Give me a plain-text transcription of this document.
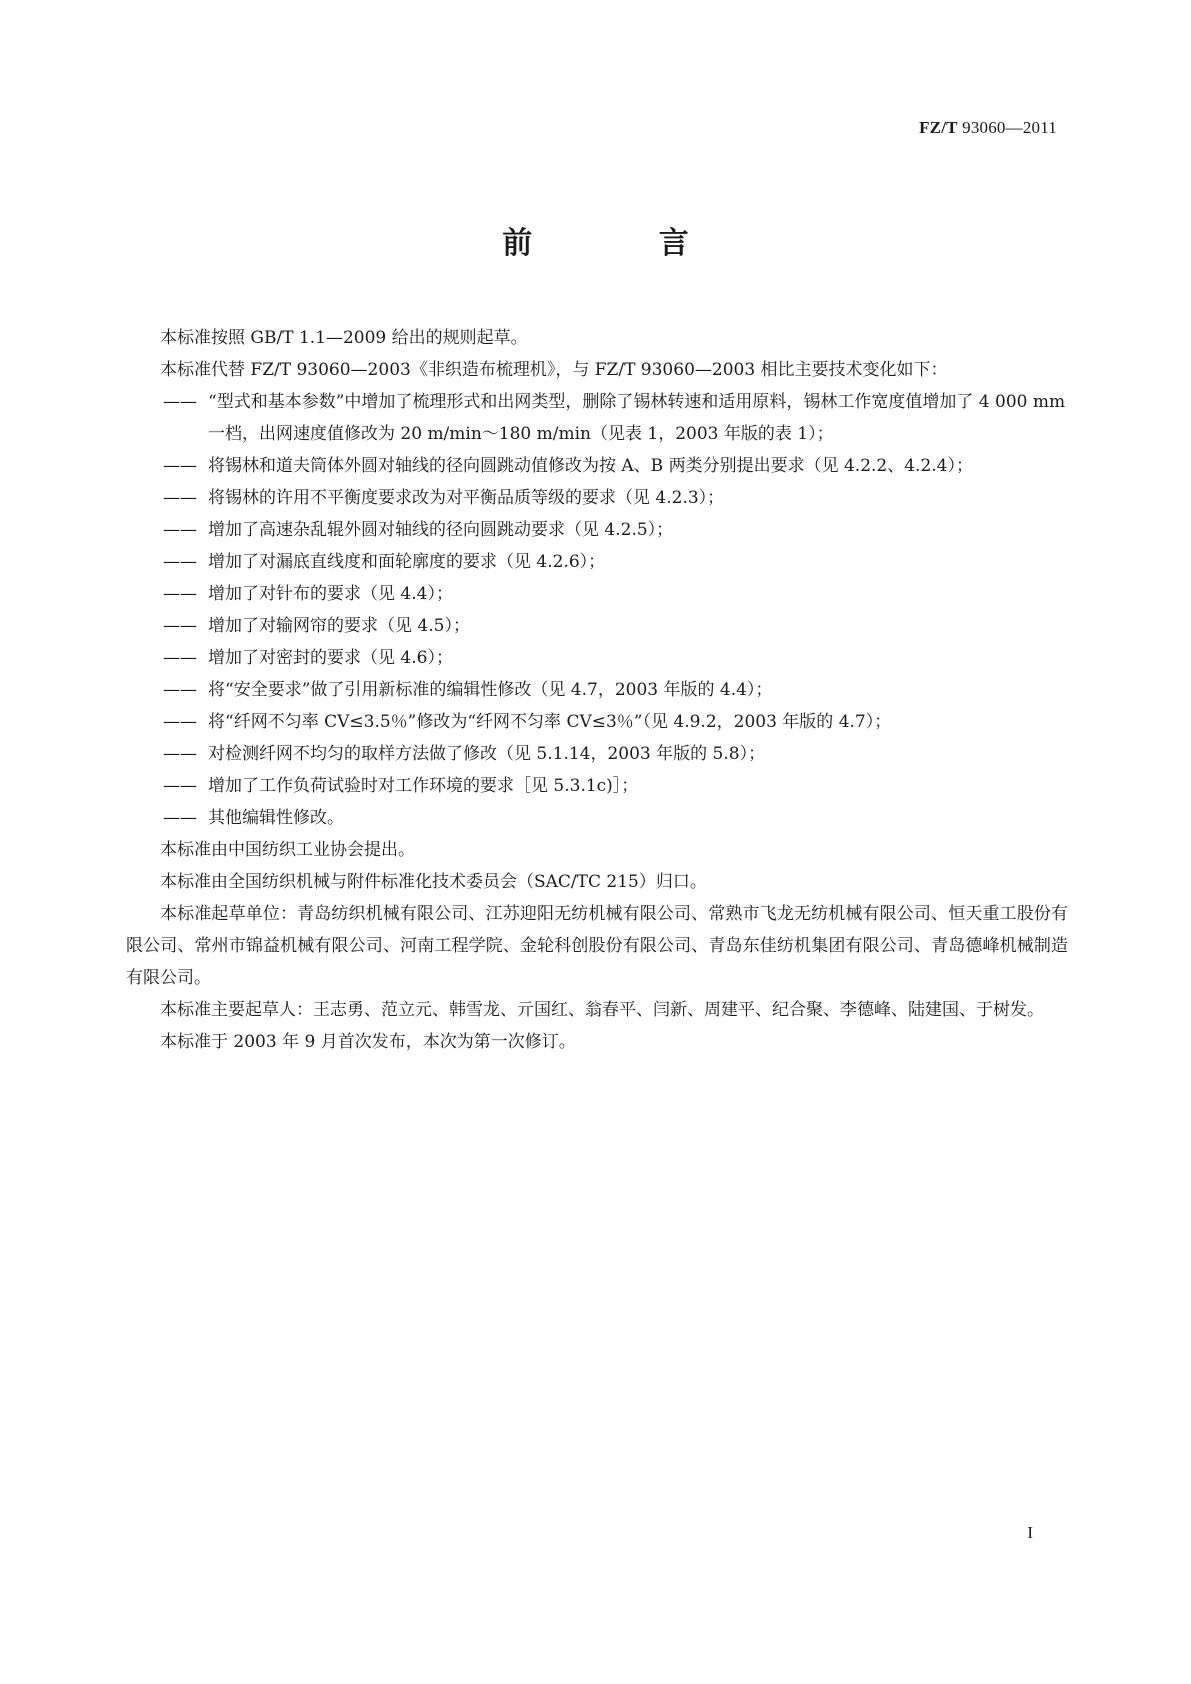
FZ/T 93060—2011
前 言

本标准按照 GB/T 1.1—2009 给出的规则起草。

本标准代替 FZ/T 93060—2003《非织造布梳理机》，与 FZ/T 93060—2003 相比主要技术变化如下：

—— “型式和基本参数”中增加了梳理形式和出网类型，删除了锡林转速和适用原料，锡林工作宽度值增加了 4 000 mm 一档，出网速度值修改为 20 m/min～180 m/min（见表 1，2003 年版的表 1）；

—— 将锡林和道夫筒体外圆对轴线的径向圆跳动值修改为按 A、B 两类分别提出要求（见 4.2.2、4.2.4）；

—— 将锡林的许用不平衡度要求改为对平衡品质等级的要求（见 4.2.3）；

—— 增加了高速杂乱辊外圆对轴线的径向圆跳动要求（见 4.2.5）；

—— 增加了对漏底直线度和面轮廓度的要求（见 4.2.6）；

—— 增加了对针布的要求（见 4.4）；

—— 增加了对输网帘的要求（见 4.5）；

—— 增加了对密封的要求（见 4.6）；

—— 将“安全要求”做了引用新标准的编辑性修改（见 4.7，2003 年版的 4.4）；

—— 将“纤网不匀率 CV≤3.5％”修改为“纤网不匀率 CV≤3％”（见 4.9.2，2003 年版的 4.7）；

—— 对检测纤网不均匀的取样方法做了修改（见 5.1.14，2003 年版的 5.8）；

—— 增加了工作负荷试验时对工作环境的要求［见 5.3.1c)］；

—— 其他编辑性修改。

本标准由中国纺织工业协会提出。

本标准由全国纺织机械与附件标准化技术委员会（SAC/TC 215）归口。

本标准起草单位：青岛纺织机械有限公司、江苏迎阳无纺机械有限公司、常熟市飞龙无纺机械有限公司、恒天重工股份有限公司、常州市锦益机械有限公司、河南工程学院、金轮科创股份有限公司、青岛东佳纺机集团有限公司、青岛德峰机械制造有限公司。

本标准主要起草人：王志勇、范立元、韩雪龙、亓国红、翁春平、闫新、周建平、纪合聚、李德峰、陆建国、于树发。

本标准于 2003 年 9 月首次发布，本次为第一次修订。

I
